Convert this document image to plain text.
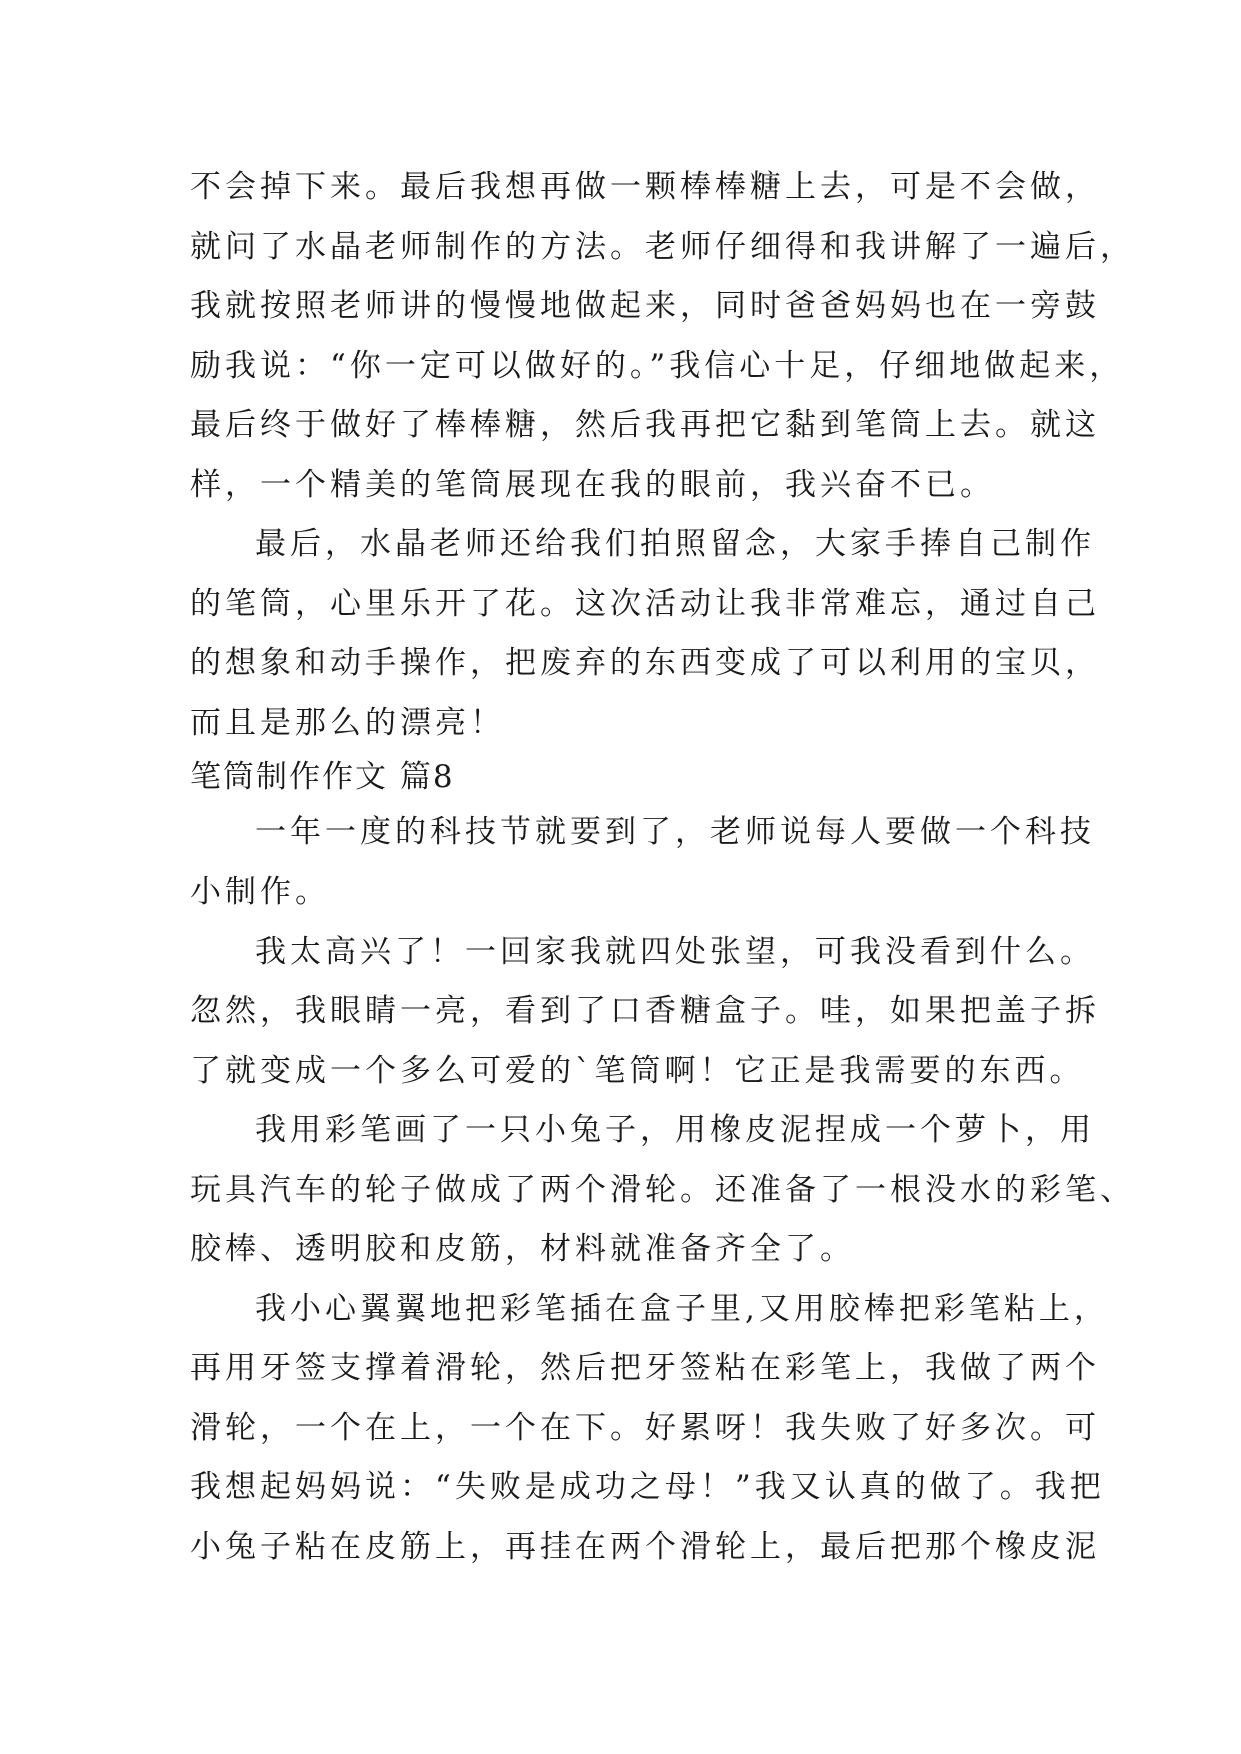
不会掉下来。最后我想再做一颗棒棒糖上去，可是不会做，
就问了水晶老师制作的方法。老师仔细得和我讲解了一遍后，
我就按照老师讲的慢慢地做起来，同时爸爸妈妈也在一旁鼓
励我说：“你一定可以做好的。”我信心十足，仔细地做起来，
最后终于做好了棒棒糖，然后我再把它黏到笔筒上去。就这
样，一个精美的笔筒展现在我的眼前，我兴奋不已。
最后，水晶老师还给我们拍照留念，大家手捧自己制作
的笔筒，心里乐开了花。这次活动让我非常难忘，通过自己
的想象和动手操作，把废弃的东西变成了可以利用的宝贝，
而且是那么的漂亮！
笔筒制作作文 篇8
一年一度的科技节就要到了，老师说每人要做一个科技
小制作。
我太高兴了！一回家我就四处张望，可我没看到什么。
忽然，我眼睛一亮，看到了口香糖盒子。哇，如果把盖子拆
了就变成一个多么可爱的`笔筒啊！它正是我需要的东西。
我用彩笔画了一只小兔子，用橡皮泥捏成一个萝卜，用
玩具汽车的轮子做成了两个滑轮。还准备了一根没水的彩笔、
胶棒、透明胶和皮筋，材料就准备齐全了。
我小心翼翼地把彩笔插在盒子里,又用胶棒把彩笔粘上，
再用牙签支撑着滑轮，然后把牙签粘在彩笔上，我做了两个
滑轮，一个在上，一个在下。好累呀！我失败了好多次。可
我想起妈妈说：“失败是成功之母！”我又认真的做了。我把
小兔子粘在皮筋上，再挂在两个滑轮上，最后把那个橡皮泥
